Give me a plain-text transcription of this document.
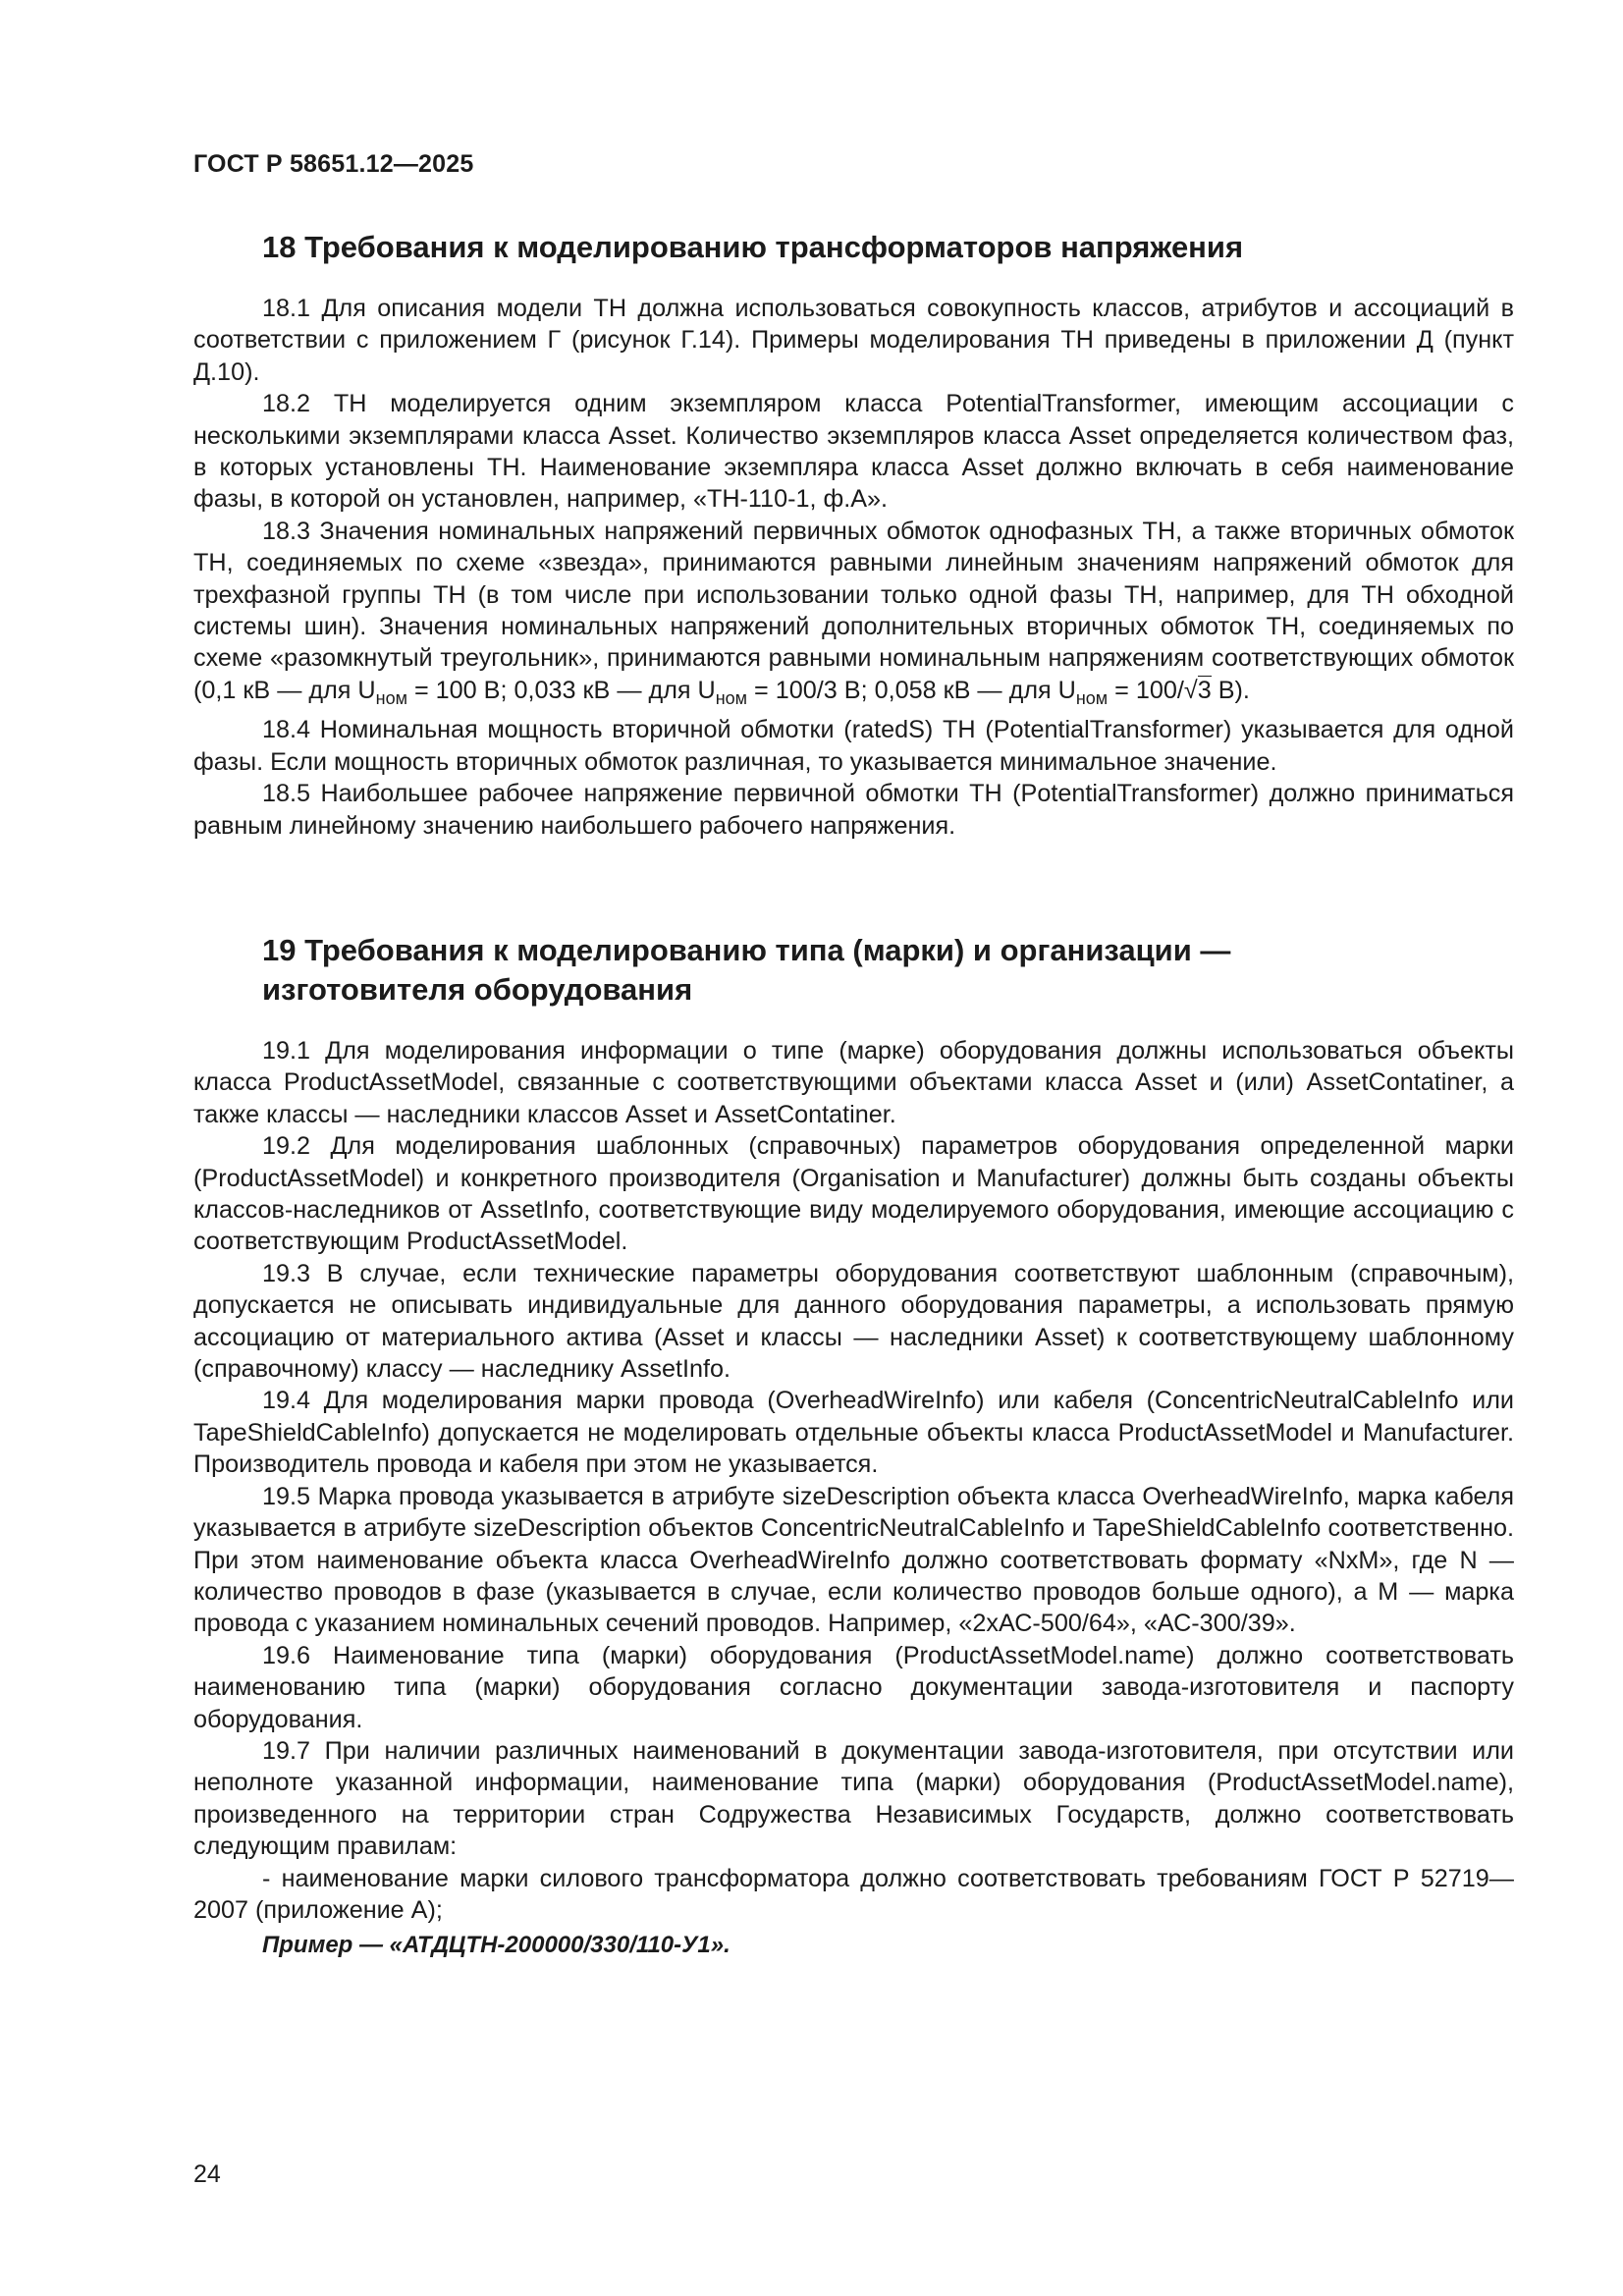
ГОСТ Р 58651.12—2025
18 Требования к моделированию трансформаторов напряжения

18.1 Для описания модели ТН должна использоваться совокупность классов, атрибутов и ассоциаций в соответствии с приложением Г (рисунок Г.14). Примеры моделирования ТН приведены в приложении Д (пункт Д.10).

18.2 ТН моделируется одним экземпляром класса PotentialTransformer, имеющим ассоциации с несколькими экземплярами класса Asset. Количество экземпляров класса Asset определяется количеством фаз, в которых установлены ТН. Наименование экземпляра класса Asset должно включать в себя наименование фазы, в которой он установлен, например, «ТН-110-1, ф.А».

18.3 Значения номинальных напряжений первичных обмоток однофазных ТН, а также вторичных обмоток ТН, соединяемых по схеме «звезда», принимаются равными линейным значениям напряжений обмоток для трехфазной группы ТН (в том числе при использовании только одной фазы ТН, например, для ТН обходной системы шин). Значения номинальных напряжений дополнительных вторичных обмоток ТН, соединяемых по схеме «разомкнутый треугольник», принимаются равными номинальным напряжениям соответствующих обмоток (0,1 кВ — для $U_{ном} = 100$ В; 0,033 кВ — для $U_{ном} = 100/3$ В; 0,058 кВ — для $U_{ном} = 100/√3$ В).

18.4 Номинальная мощность вторичной обмотки (ratedS) ТН (PotentialTransformer) указывается для одной фазы. Если мощность вторичных обмоток различная, то указывается минимальное значение.

18.5 Наибольшее рабочее напряжение первичной обмотки ТН (PotentialTransformer) должно приниматься равным линейному значению наибольшего рабочего напряжения.

19 Требования к моделированию типа (марки) и организации —
изготовителя оборудования

19.1 Для моделирования информации о типе (марке) оборудования должны использоваться объекты класса ProductAssetModel, связанные с соответствующими объектами класса Asset и (или) AssetContatiner, а также классы — наследники классов Asset и AssetContatiner.

19.2 Для моделирования шаблонных (справочных) параметров оборудования определенной марки (ProductAssetModel) и конкретного производителя (Organisation и Manufacturer) должны быть созданы объекты классов-наследников от AssetInfo, соответствующие виду моделируемого оборудования, имеющие ассоциацию с соответствующим ProductAssetModel.

19.3 В случае, если технические параметры оборудования соответствуют шаблонным (справочным), допускается не описывать индивидуальные для данного оборудования параметры, а использовать прямую ассоциацию от материального актива (Asset и классы — наследники Asset) к соответствующему шаблонному (справочному) классу — наследнику AssetInfo.

19.4 Для моделирования марки провода (OverheadWireInfo) или кабеля (ConcentricNeutralCableInfo или TapeShieldCableInfo) допускается не моделировать отдельные объекты класса ProductAssetModel и Manufacturer. Производитель провода и кабеля при этом не указывается.

19.5 Марка провода указывается в атрибуте sizeDescription объекта класса OverheadWireInfo, марка кабеля указывается в атрибуте sizeDescription объектов ConcentricNeutralCableInfo и TapeShieldCableInfo соответственно. При этом наименование объекта класса OverheadWireInfo должно соответствовать формату «NxM», где N — количество проводов в фазе (указывается в случае, если количество проводов больше одного), а M — марка провода с указанием номинальных сечений проводов. Например, «2xАС-500/64», «АС-300/39».

19.6 Наименование типа (марки) оборудования (ProductAssetModel.name) должно соответствовать наименованию типа (марки) оборудования согласно документации завода-изготовителя и паспорту оборудования.

19.7 При наличии различных наименований в документации завода-изготовителя, при отсутствии или неполноте указанной информации, наименование типа (марки) оборудования (ProductAssetModel.name), произведенного на территории стран Содружества Независимых Государств, должно соответствовать следующим правилам:

- наименование марки силового трансформатора должно соответствовать требованиям ГОСТ Р 52719—2007 (приложение А);

Пример — «АТДЦТН-200000/330/110-У1».

24
